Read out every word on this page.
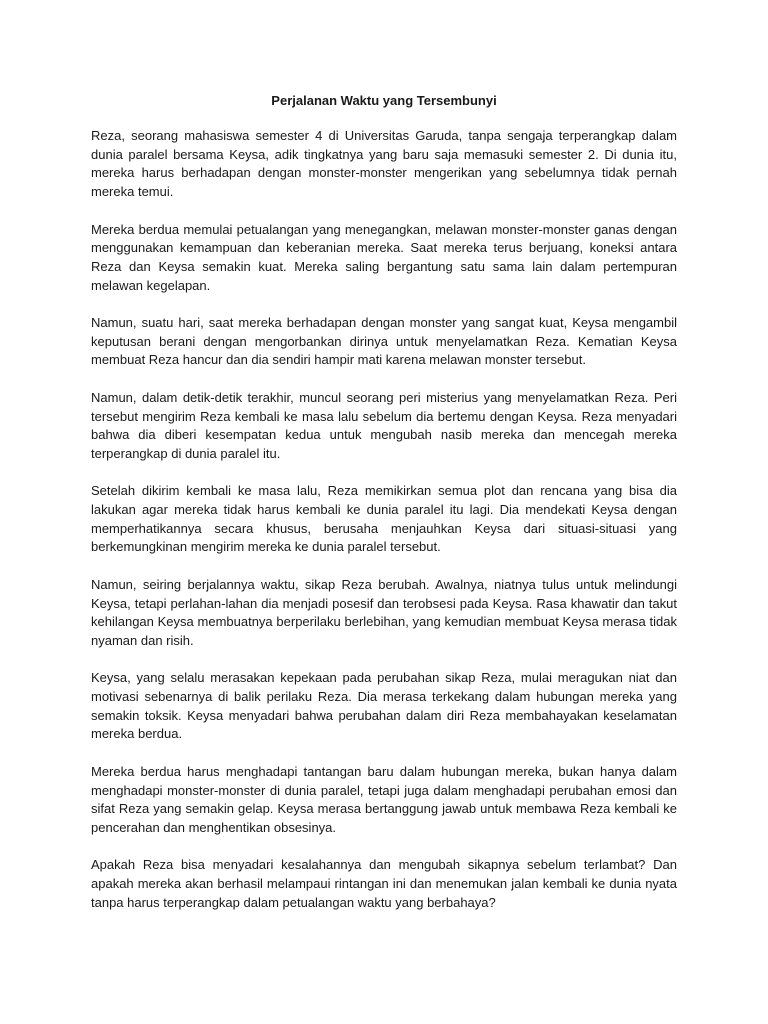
Perjalanan Waktu yang Tersembunyi

Reza, seorang mahasiswa semester 4 di Universitas Garuda, tanpa sengaja terperangkap dalam dunia paralel bersama Keysa, adik tingkatnya yang baru saja memasuki semester 2. Di dunia itu, mereka harus berhadapan dengan monster-monster mengerikan yang sebelumnya tidak pernah mereka temui.

Mereka berdua memulai petualangan yang menegangkan, melawan monster-monster ganas dengan menggunakan kemampuan dan keberanian mereka. Saat mereka terus berjuang, koneksi antara Reza dan Keysa semakin kuat. Mereka saling bergantung satu sama lain dalam pertempuran melawan kegelapan.

Namun, suatu hari, saat mereka berhadapan dengan monster yang sangat kuat, Keysa mengambil keputusan berani dengan mengorbankan dirinya untuk menyelamatkan Reza. Kematian Keysa membuat Reza hancur dan dia sendiri hampir mati karena melawan monster tersebut.

Namun, dalam detik-detik terakhir, muncul seorang peri misterius yang menyelamatkan Reza. Peri tersebut mengirim Reza kembali ke masa lalu sebelum dia bertemu dengan Keysa. Reza menyadari bahwa dia diberi kesempatan kedua untuk mengubah nasib mereka dan mencegah mereka terperangkap di dunia paralel itu.

Setelah dikirim kembali ke masa lalu, Reza memikirkan semua plot dan rencana yang bisa dia lakukan agar mereka tidak harus kembali ke dunia paralel itu lagi. Dia mendekati Keysa dengan memperhatikannya secara khusus, berusaha menjauhkan Keysa dari situasi-situasi yang berkemungkinan mengirim mereka ke dunia paralel tersebut.

Namun, seiring berjalannya waktu, sikap Reza berubah. Awalnya, niatnya tulus untuk melindungi Keysa, tetapi perlahan-lahan dia menjadi posesif dan terobsesi pada Keysa. Rasa khawatir dan takut kehilangan Keysa membuatnya berperilaku berlebihan, yang kemudian membuat Keysa merasa tidak nyaman dan risih.

Keysa, yang selalu merasakan kepekaan pada perubahan sikap Reza, mulai meragukan niat dan motivasi sebenarnya di balik perilaku Reza. Dia merasa terkekang dalam hubungan mereka yang semakin toksik. Keysa menyadari bahwa perubahan dalam diri Reza membahayakan keselamatan mereka berdua.

Mereka berdua harus menghadapi tantangan baru dalam hubungan mereka, bukan hanya dalam menghadapi monster-monster di dunia paralel, tetapi juga dalam menghadapi perubahan emosi dan sifat Reza yang semakin gelap. Keysa merasa bertanggung jawab untuk membawa Reza kembali ke pencerahan dan menghentikan obsesinya.

Apakah Reza bisa menyadari kesalahannya dan mengubah sikapnya sebelum terlambat? Dan apakah mereka akan berhasil melampaui rintangan ini dan menemukan jalan kembali ke dunia nyata tanpa harus terperangkap dalam petualangan waktu yang berbahaya?
